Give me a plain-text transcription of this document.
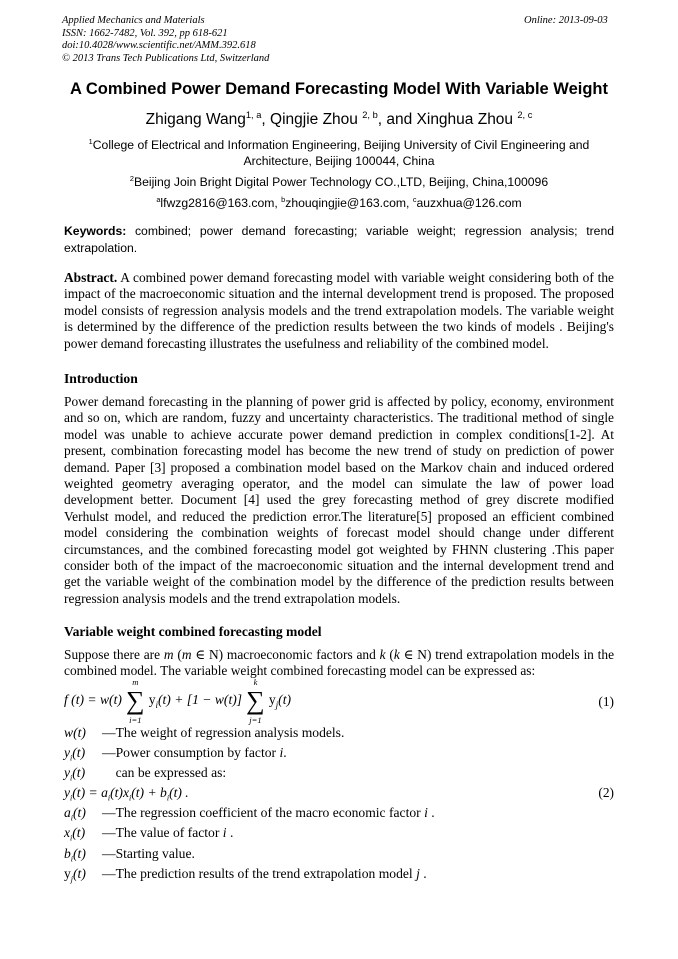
Applied Mechanics and Materials
ISSN: 1662-7482, Vol. 392, pp 618-621
doi:10.4028/www.scientific.net/AMM.392.618
© 2013 Trans Tech Publications Ltd, Switzerland
Online: 2013-09-03
A Combined Power Demand Forecasting Model With Variable Weight
Zhigang Wang$^{1, a}$, Qingjie Zhou $^{2, b}$, and Xinghua Zhou $^{2, c}$
$^1$College of Electrical and Information Engineering, Beijing University of Civil Engineering and Architecture, Beijing 100044, China
$^2$Beijing Join Bright Digital Power Technology CO.,LTD, Beijing, China,100096
$^a$lfwzg2816@163.com, $^b$zhouqingjie@163.com, $^c$auzxhua@126.com
Keywords: combined; power demand forecasting; variable weight; regression analysis; trend extrapolation.
Abstract. A combined power demand forecasting model with variable weight considering both of the impact of the macroeconomic situation and the internal development trend is proposed. The proposed model consists of regression analysis models and the trend extrapolation models. The variable weight is determined by the difference of the prediction results between the two kinds of models . Beijing's power demand forecasting illustrates the usefulness and reliability of the combined model.
Introduction
Power demand forecasting in the planning of power grid is affected by policy, economy, environment and so on, which are random, fuzzy and uncertainty characteristics. The traditional method of single model was unable to achieve accurate power demand prediction in complex conditions[1-2]. At present, combination forecasting model has become the new trend of study on prediction of power demand. Paper [3] proposed a combination model based on the Markov chain and induced ordered weighted geometry averaging operator, and the model can simulate the law of power load development better. Document [4] used the grey forecasting method of grey discrete modified Verhulst model, and reduced the prediction error.The literature[5] proposed an efficient combined model considering the combination weights of forecast model should change under different circumstances, and the combined forecasting model got weighted by FHNN clustering .This paper consider both of the impact of the macroeconomic situation and the internal development trend and get the variable weight of the combination model by the difference of the prediction results between regression analysis models and the trend extrapolation models.
Variable weight combined forecasting model
Suppose there are m (m ∈ N) macroeconomic factors and k (k ∈ N) trend extrapolation models in the combined model. The variable weight combined forecasting model can be expressed as:
f (t) = w(t)
m
∑
i=1
$y_i(t) + [1 - w(t)]$
k
∑
j=1
$y_j(t)$	(1)
w(t) —The weight of regression analysis models.
$y_i(t)$ —Power consumption by factor i.
$y_i(t)$    can be expressed as:
$y_i(t) = a_i(t)x_i(t) + b_i(t)$ .	(2)
$a_i(t)$ —The regression coefficient of the macro economic factor i .
$x_i(t)$ —The value of factor i .
$b_i(t)$ —Starting value.
$y_j(t)$ —The prediction results of the trend extrapolation model j .
